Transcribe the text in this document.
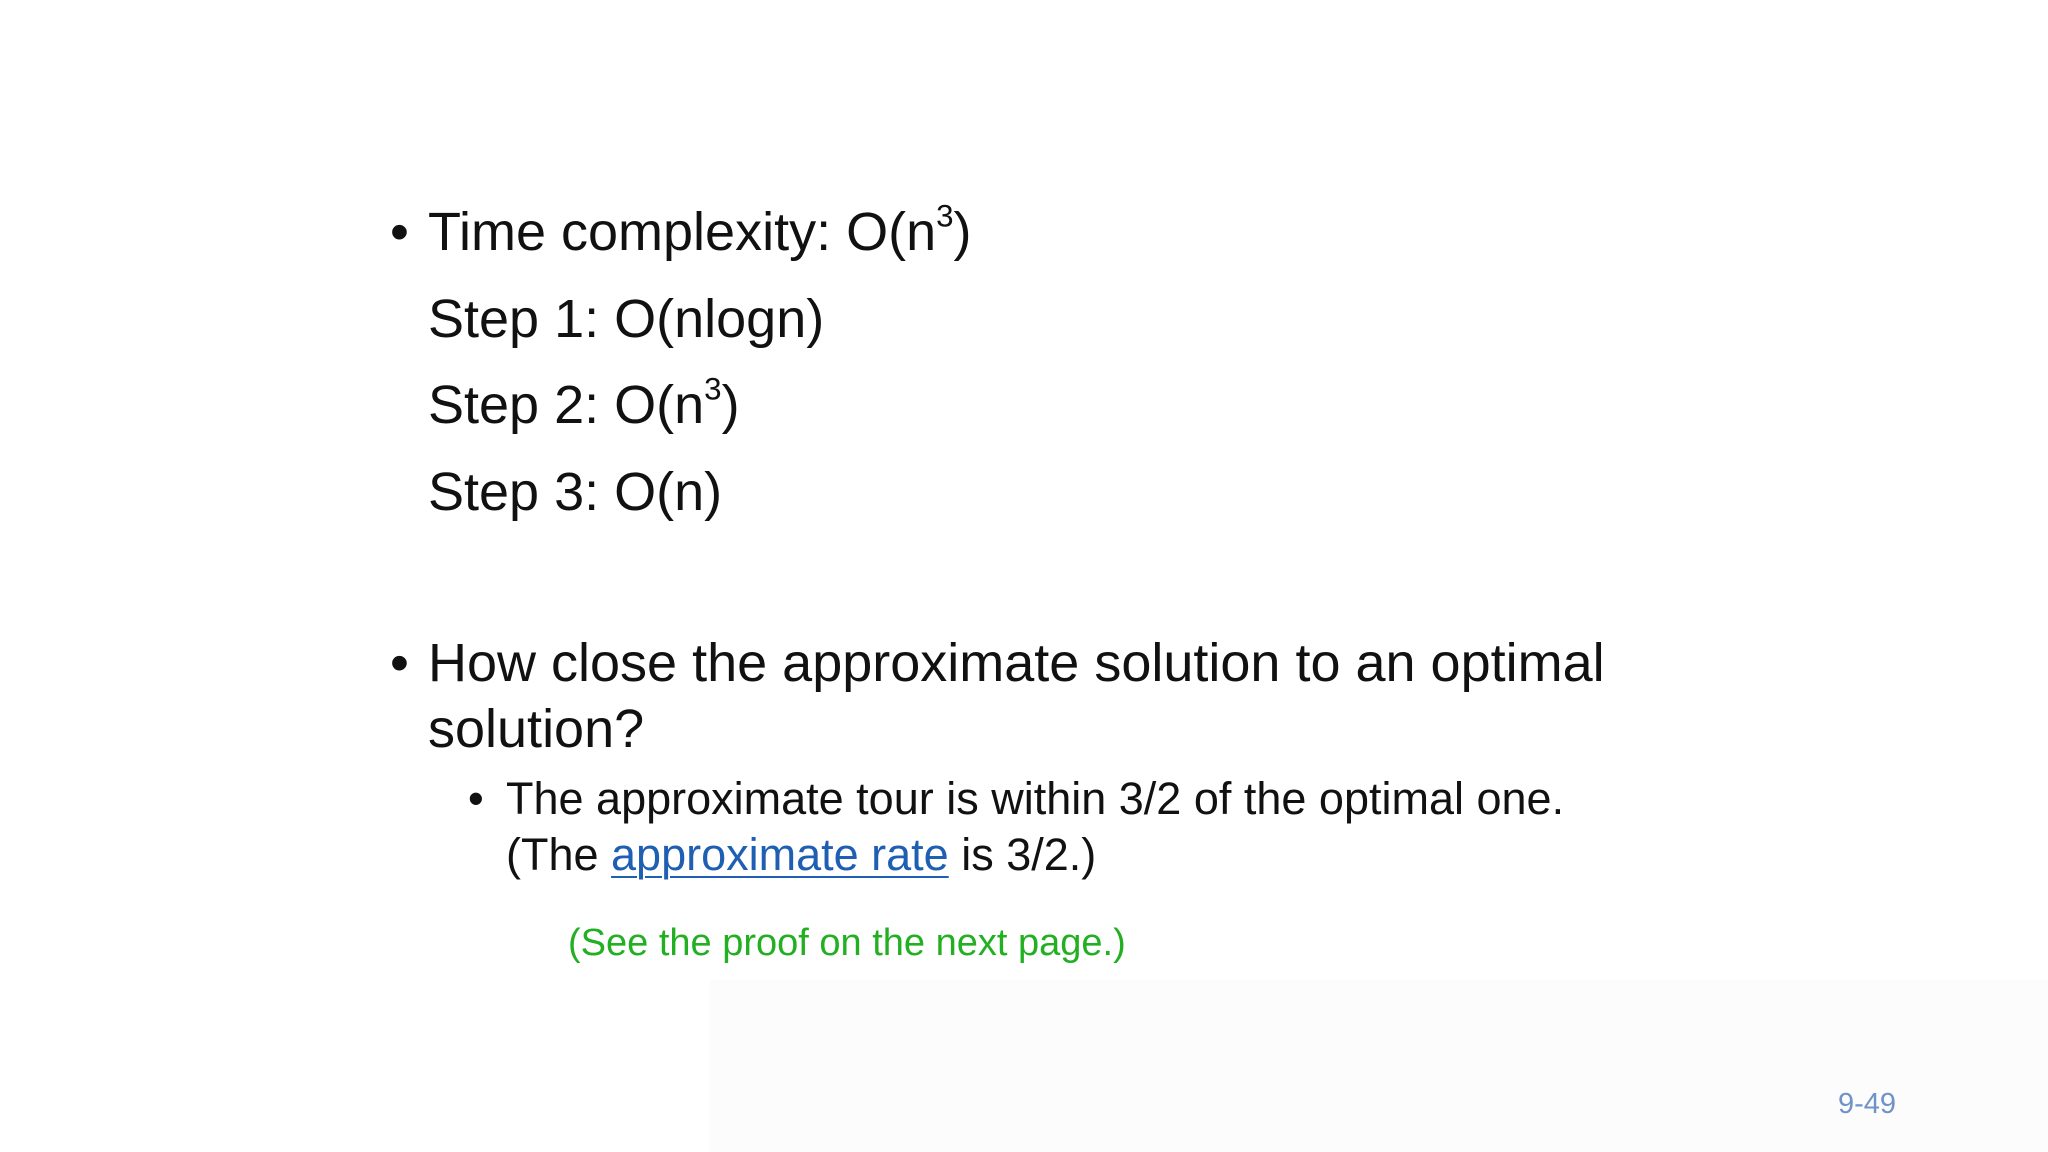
• Time complexity: $O(n^3)$
Step 1: O(nlogn)
Step 2: $O(n^3)$
Step 3: O(n)
• How close the approximate solution to an optimal
solution?
• The approximate tour is within 3/2 of the optimal one.
(The approximate rate is 3/2.)
(See the proof on the next page.)
9-49
